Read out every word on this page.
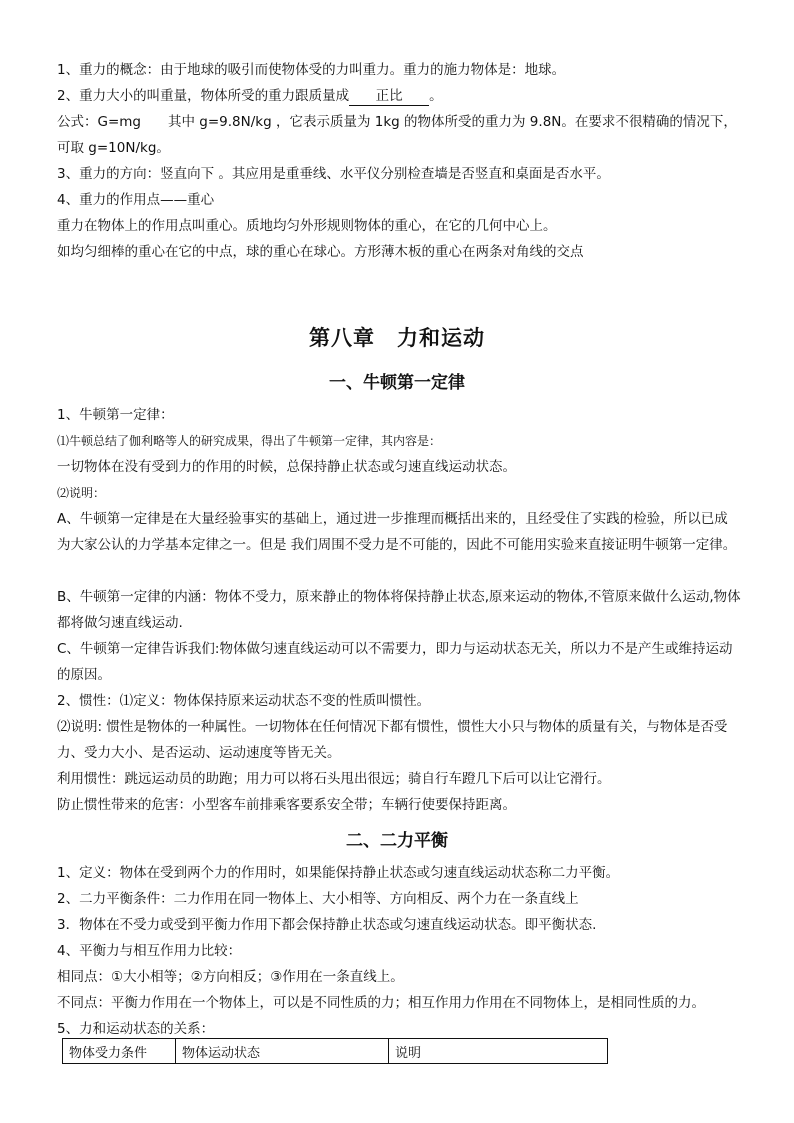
1、重力的概念：由于地球的吸引而使物体受的力叫重力。重力的施力物体是：地球。

2、重力大小的叫重量，物体所受的重力跟质量成 正比 。

公式：G=mg　　其中 g=9.8N/kg ，它表示质量为 1kg 的物体所受的重力为 9.8N。在要求不很精确的情况下，可取 g=10N/kg。

3、重力的方向：竖直向下 。其应用是重垂线、水平仪分别检查墙是否竖直和桌面是否水平。

4、重力的作用点——重心

重力在物体上的作用点叫重心。质地均匀外形规则物体的重心，在它的几何中心上。

如均匀细棒的重心在它的中点，球的重心在球心。方形薄木板的重心在两条对角线的交点

第八章　力和运动
一、牛顿第一定律

1、牛顿第一定律：

⑴牛顿总结了伽利略等人的研究成果，得出了牛顿第一定律，其内容是：

一切物体在没有受到力的作用的时候，总保持静止状态或匀速直线运动状态。

⑵说明：

A、牛顿第一定律是在大量经验事实的基础上，通过进一步推理而概括出来的，且经受住了实践的检验，所以已成为大家公认的力学基本定律之一。但是 我们周围不受力是不可能的，因此不可能用实验来直接证明牛顿第一定律。

B、牛顿第一定律的内涵：物体不受力，原来静止的物体将保持静止状态,原来运动的物体,不管原来做什么运动,物体都将做匀速直线运动.

C、牛顿第一定律告诉我们:物体做匀速直线运动可以不需要力，即力与运动状态无关，所以力不是产生或维持运动的原因。

2、惯性：⑴定义：物体保持原来运动状态不变的性质叫惯性。

⑵说明: 惯性是物体的一种属性。一切物体在任何情况下都有惯性，惯性大小只与物体的质量有关，与物体是否受力、受力大小、是否运动、运动速度等皆无关。

利用惯性：跳远运动员的助跑；用力可以将石头甩出很远；骑自行车蹬几下后可以让它滑行。

防止惯性带来的危害：小型客车前排乘客要系安全带；车辆行使要保持距离。

二、二力平衡

1、定义：物体在受到两个力的作用时，如果能保持静止状态或匀速直线运动状态称二力平衡。

2、二力平衡条件：二力作用在同一物体上、大小相等、方向相反、两个力在一条直线上

3．物体在不受力或受到平衡力作用下都会保持静止状态或匀速直线运动状态。即平衡状态.

4、平衡力与相互作用力比较：

相同点：①大小相等；②方向相反；③作用在一条直线上。

不同点：平衡力作用在一个物体上，可以是不同性质的力；相互作用力作用在不同物体上，是相同性质的力。

5、力和运动状态的关系：

物体受力条件	物体运动状态	说明
